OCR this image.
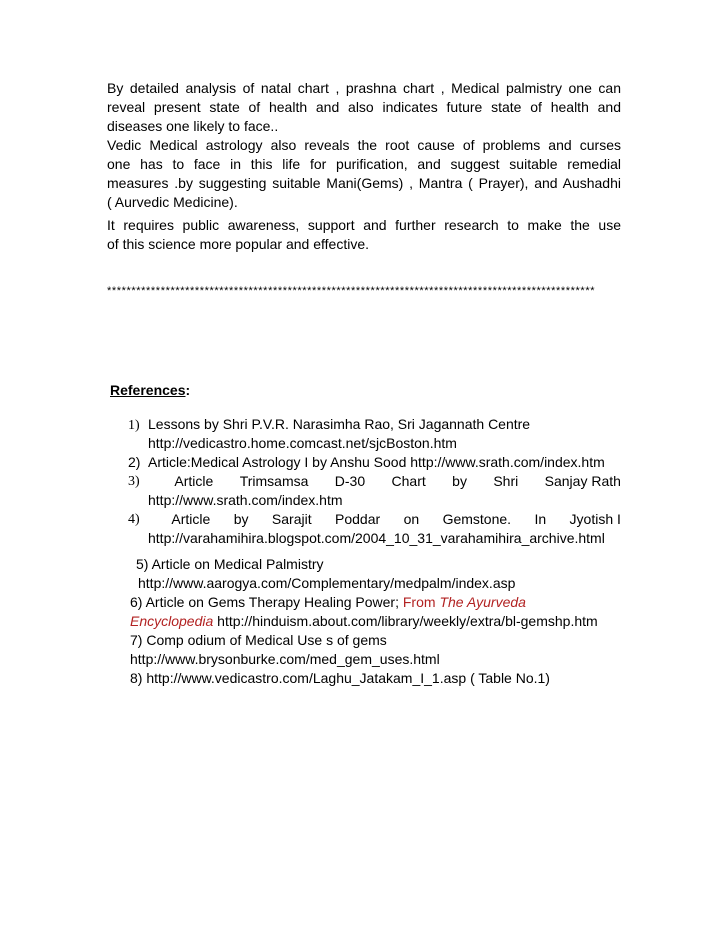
By detailed analysis of natal chart , prashna chart , Medical palmistry one can
reveal present state of health and also indicates future state of health and
diseases one likely to face..
Vedic Medical astrology also reveals the root cause of problems and curses
one has to face in this life for purification, and suggest suitable remedial
measures .by suggesting suitable Mani(Gems) , Mantra ( Prayer), and Aushadhi
( Aurvedic Medicine).
It requires public awareness, support and further research to make the use
of this science more popular and effective.
****************************************************************************************************
References:
1) Lessons by Shri P.V.R. Narasimha Rao, Sri Jagannath Centre
http://vedicastro.home.comcast.net/sjcBoston.htm
2) Article:Medical Astrology I by Anshu Sood http://www.srath.com/index.htm
3)	Article Trimsamsa D-30 Chart by Shri Sanjay Rath
http://www.srath.com/index.htm
4)	Article by Sarajit Poddar on Gemstone. In Jyotish I
http://varahamihira.blogspot.com/2004_10_31_varahamihira_archive.html
5) Article on Medical Palmistry
http://www.aarogya.com/Complementary/medpalm/index.asp
6) Article on Gems Therapy Healing Power; From The Ayurveda
Encyclopedia http://hinduism.about.com/library/weekly/extra/bl-gemshp.htm
7) Comp odium of Medical Use s of gems
http://www.brysonburke.com/med_gem_uses.html
8) http://www.vedicastro.com/Laghu_Jatakam_I_1.asp ( Table No.1)
